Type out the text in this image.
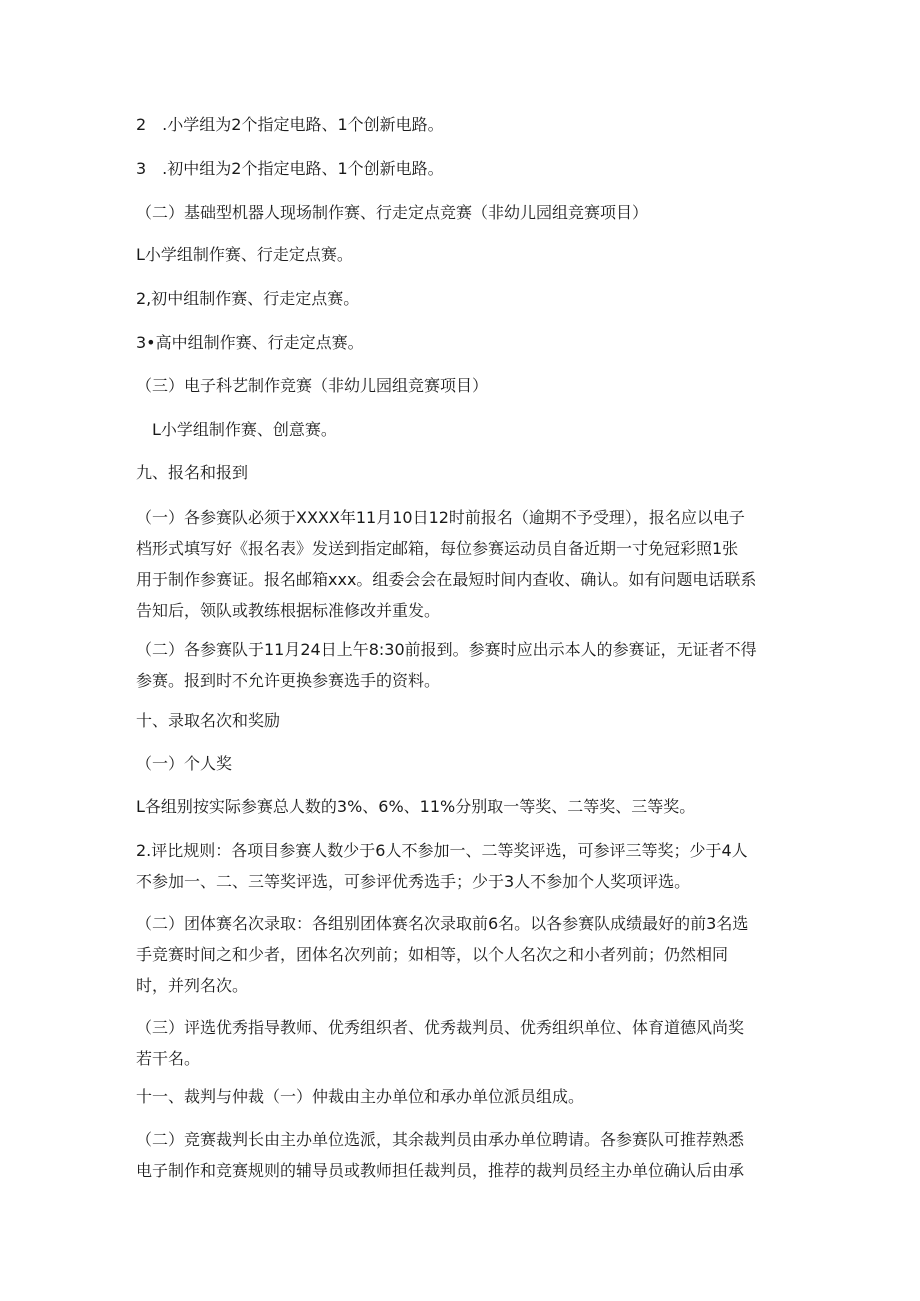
2　.小学组为2个指定电路、1个创新电路。
3　.初中组为2个指定电路、1个创新电路。
（二）基础型机器人现场制作赛、行走定点竞赛（非幼儿园组竞赛项目）
L小学组制作赛、行走定点赛。
2,初中组制作赛、行走定点赛。
3•高中组制作赛、行走定点赛。
（三）电子科艺制作竞赛（非幼儿园组竞赛项目）
L小学组制作赛、创意赛。
九、报名和报到
（一）各参赛队必须于XXXX年11月10日12时前报名（逾期不予受理），报名应以电子
档形式填写好《报名表》发送到指定邮箱，每位参赛运动员自备近期一寸免冠彩照1张
用于制作参赛证。报名邮箱xxx。组委会会在最短时间内查收、确认。如有问题电话联系
告知后，领队或教练根据标准修改并重发。
（二）各参赛队于11月24日上午8:30前报到。参赛时应出示本人的参赛证，无证者不得
参赛。报到时不允许更换参赛选手的资料。
十、录取名次和奖励
（一）个人奖
L各组别按实际参赛总人数的3%、6%、11%分别取一等奖、二等奖、三等奖。
2.评比规则：各项目参赛人数少于6人不参加一、二等奖评选，可参评三等奖；少于4人
不参加一、二、三等奖评选，可参评优秀选手；少于3人不参加个人奖项评选。
（二）团体赛名次录取：各组别团体赛名次录取前6名。以各参赛队成绩最好的前3名选
手竞赛时间之和少者，团体名次列前；如相等，以个人名次之和小者列前；仍然相同
时，并列名次。
（三）评选优秀指导教师、优秀组织者、优秀裁判员、优秀组织单位、体育道德风尚奖
若干名。
十一、裁判与仲裁（一）仲裁由主办单位和承办单位派员组成。
（二）竞赛裁判长由主办单位选派，其余裁判员由承办单位聘请。各参赛队可推荐熟悉
电子制作和竞赛规则的辅导员或教师担任裁判员，推荐的裁判员经主办单位确认后由承
